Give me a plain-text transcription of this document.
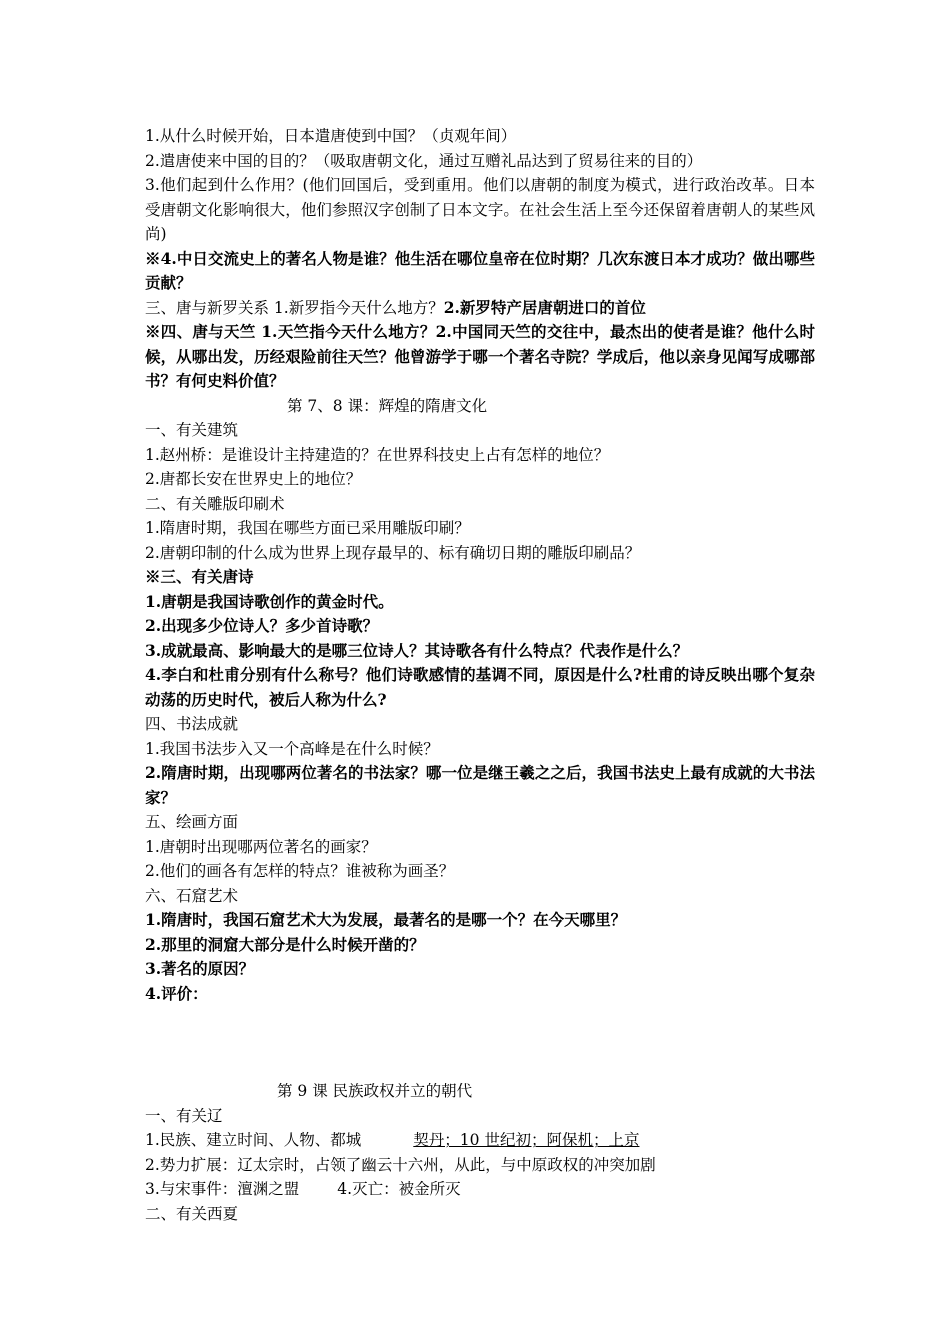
1.从什么时候开始，日本遣唐使到中国？（贞观年间）
2.遣唐使来中国的目的？（吸取唐朝文化，通过互赠礼品达到了贸易往来的目的）
3.他们起到什么作用？(他们回国后，受到重用。他们以唐朝的制度为模式，进行政治改革。日本受唐朝文化影响很大，他们参照汉字创制了日本文字。在社会生活上至今还保留着唐朝人的某些风尚)
※4.中日交流史上的著名人物是谁？他生活在哪位皇帝在位时期？几次东渡日本才成功？做出哪些贡献？
三、唐与新罗关系 1.新罗指今天什么地方？2.新罗特产居唐朝进口的首位
※四、唐与天竺 1.天竺指今天什么地方？2.中国同天竺的交往中，最杰出的使者是谁？他什么时候，从哪出发，历经艰险前往天竺？他曾游学于哪一个著名寺院？学成后，他以亲身见闻写成哪部书？有何史料价值？
第 7、8 课：辉煌的隋唐文化
一、有关建筑
1.赵州桥：是谁设计主持建造的？在世界科技史上占有怎样的地位？
2.唐都长安在世界史上的地位？
二、有关雕版印刷术
1.隋唐时期，我国在哪些方面已采用雕版印刷？
2.唐朝印制的什么成为世界上现存最早的、标有确切日期的雕版印刷品？
※三、有关唐诗
1.唐朝是我国诗歌创作的黄金时代。
2.出现多少位诗人？多少首诗歌？
3.成就最高、影响最大的是哪三位诗人？其诗歌各有什么特点？代表作是什么？
4.李白和杜甫分别有什么称号？他们诗歌感情的基调不同，原因是什么?杜甫的诗反映出哪个复杂动荡的历史时代，被后人称为什么?
四、书法成就
1.我国书法步入又一个高峰是在什么时候？
2.隋唐时期，出现哪两位著名的书法家？哪一位是继王羲之之后，我国书法史上最有成就的大书法家？
五、绘画方面
1.唐朝时出现哪两位著名的画家？
2.他们的画各有怎样的特点？谁被称为画圣？
六、石窟艺术
1.隋唐时，我国石窟艺术大为发展，最著名的是哪一个？在今天哪里？
2.那里的洞窟大部分是什么时候开凿的？
3.著名的原因？
4.评价：
第 9 课 民族政权并立的朝代
一、有关辽
1.民族、建立时间、人物、都城	契丹；10 世纪初；阿保机；上京
2.势力扩展：辽太宗时，占领了幽云十六州，从此，与中原政权的冲突加剧
3.与宋事件：澶渊之盟 4.灭亡：被金所灭
二、有关西夏
